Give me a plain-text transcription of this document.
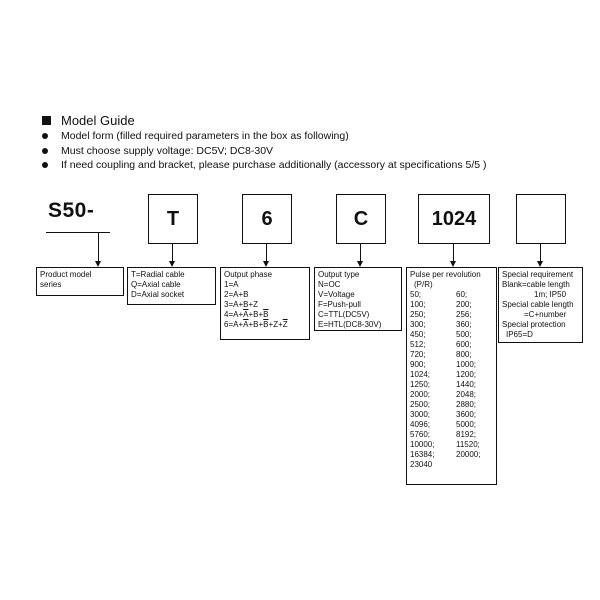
Model Guide
Model form (filled required parameters in the box as following)
Must choose supply voltage: DC5V; DC8-30V
If need coupling and bracket, please purchase additionally (accessory at specifications 5/5 )
S50-	T	6	C	1024
Product model
series
T=Radial cable
Q=Axial cable
D=Axial socket
Output phase
1=A
2=A+B
3=A+B+Z
$4=A+\overline{A}+B+\overline{B}$
$6=A+\overline{A}+B+\overline{B}+Z+\overline{Z}$
Output type
N=OC
V=Voltage
F=Push-pull
C=TTL(DC5V)
E=HTL(DC8-30V)
Pulse per revolution
(P/R)
50;	60;
100;	200;
250;	256;
300;	360;
450;	500;
512;	600;
720;	800;
900;	1000;
1024;	1200;
1250;	1440;
2000;	2048;
2500;	2880;
3000;	3600;
4096;	5000;
5760;	8192;
10000;	11520;
16384;	20000;
23040
Special requirement
Blank=cable length
1m; IP50
Special cable length
=C+number
Special protection
IP65=D
